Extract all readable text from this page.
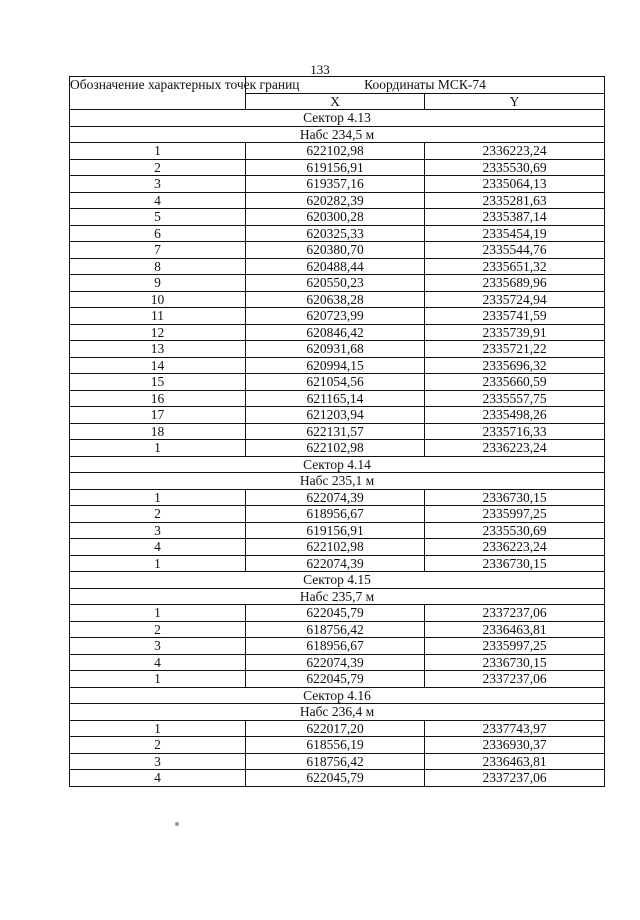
133
Обозначение характерных точек границ	Координаты МСК-74	
	X	Y
Сектор 4.13		
Набс 234,5 м		
1	622102,98	2336223,24
2	619156,91	2335530,69
3	619357,16	2335064,13
4	620282,39	2335281,63
5	620300,28	2335387,14
6	620325,33	2335454,19
7	620380,70	2335544,76
8	620488,44	2335651,32
9	620550,23	2335689,96
10	620638,28	2335724,94
11	620723,99	2335741,59
12	620846,42	2335739,91
13	620931,68	2335721,22
14	620994,15	2335696,32
15	621054,56	2335660,59
16	621165,14	2335557,75
17	621203,94	2335498,26
18	622131,57	2335716,33
1	622102,98	2336223,24
Сектор 4.14		
Набс 235,1 м		
1	622074,39	2336730,15
2	618956,67	2335997,25
3	619156,91	2335530,69
4	622102,98	2336223,24
1	622074,39	2336730,15
Сектор 4.15		
Набс 235,7 м		
1	622045,79	2337237,06
2	618756,42	2336463,81
3	618956,67	2335997,25
4	622074,39	2336730,15
1	622045,79	2337237,06
Сектор 4.16		
Набс 236,4 м		
1	622017,20	2337743,97
2	618556,19	2336930,37
3	618756,42	2336463,81
4	622045,79	2337237,06
